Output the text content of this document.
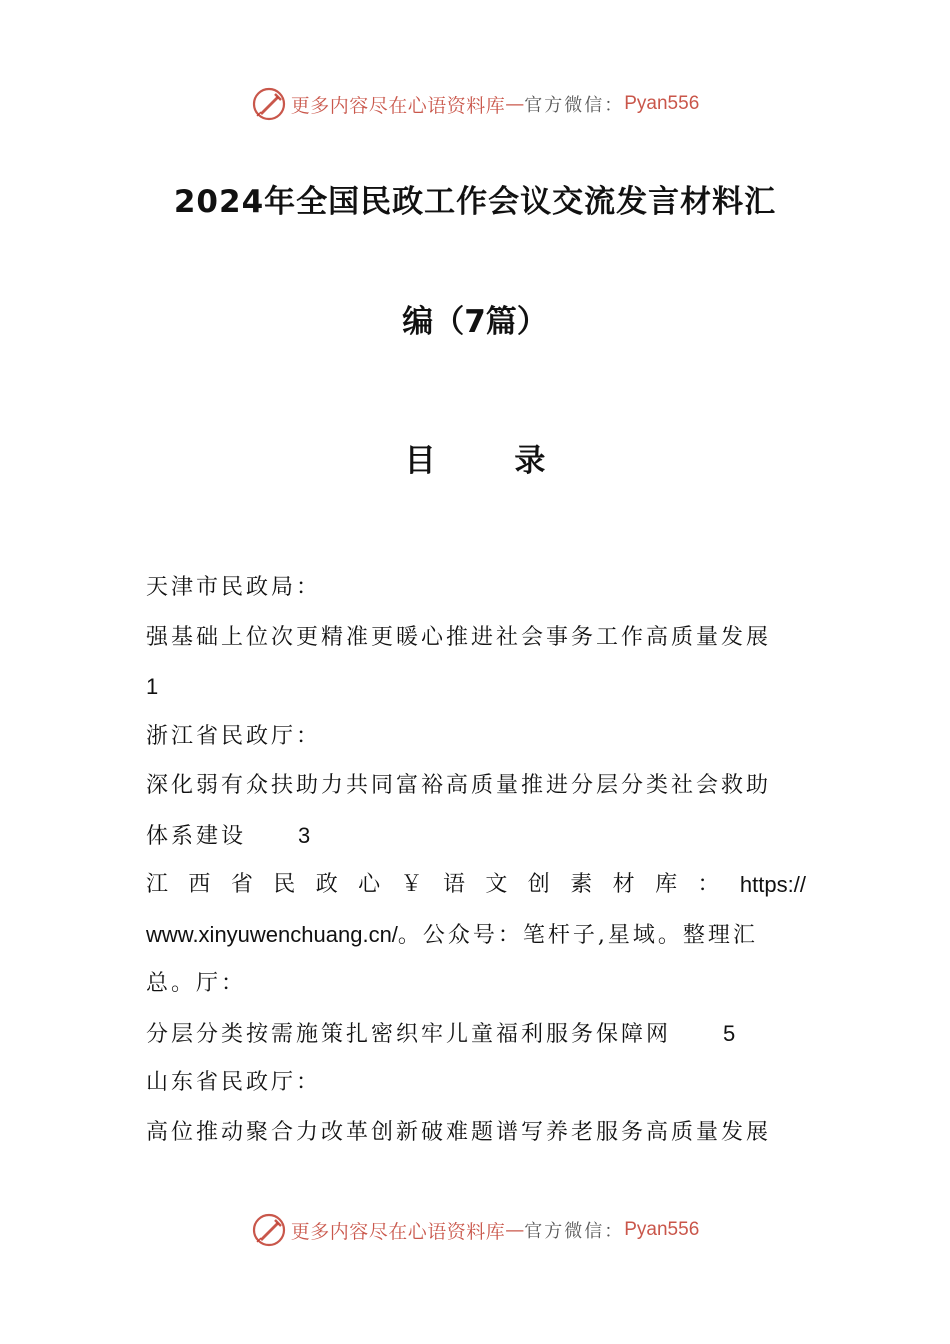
更多内容尽在心语资料库 — 官方微信： Pyan556
2024年全国民政工作会议交流发言材料汇
编（7篇）
目 录
天津市民政局：
强基础上位次更精准更暖心推进社会事务工作高质量发展
1
浙江省民政厅：
深化弱有众扶助力共同富裕高质量推进分层分类社会救助
体系建设 3
江 西 省 民 政 心 ￥ 语 文 创 素 材 库 ： https://
www.xinyuwenchuang.cn/。公众号：笔杆子,星域。整理汇
总。厅：
分层分类按需施策扎密织牢儿童福利服务保障网 5
山东省民政厅：
高位推动聚合力改革创新破难题谱写养老服务高质量发展
更多内容尽在心语资料库 — 官方微信： Pyan556
